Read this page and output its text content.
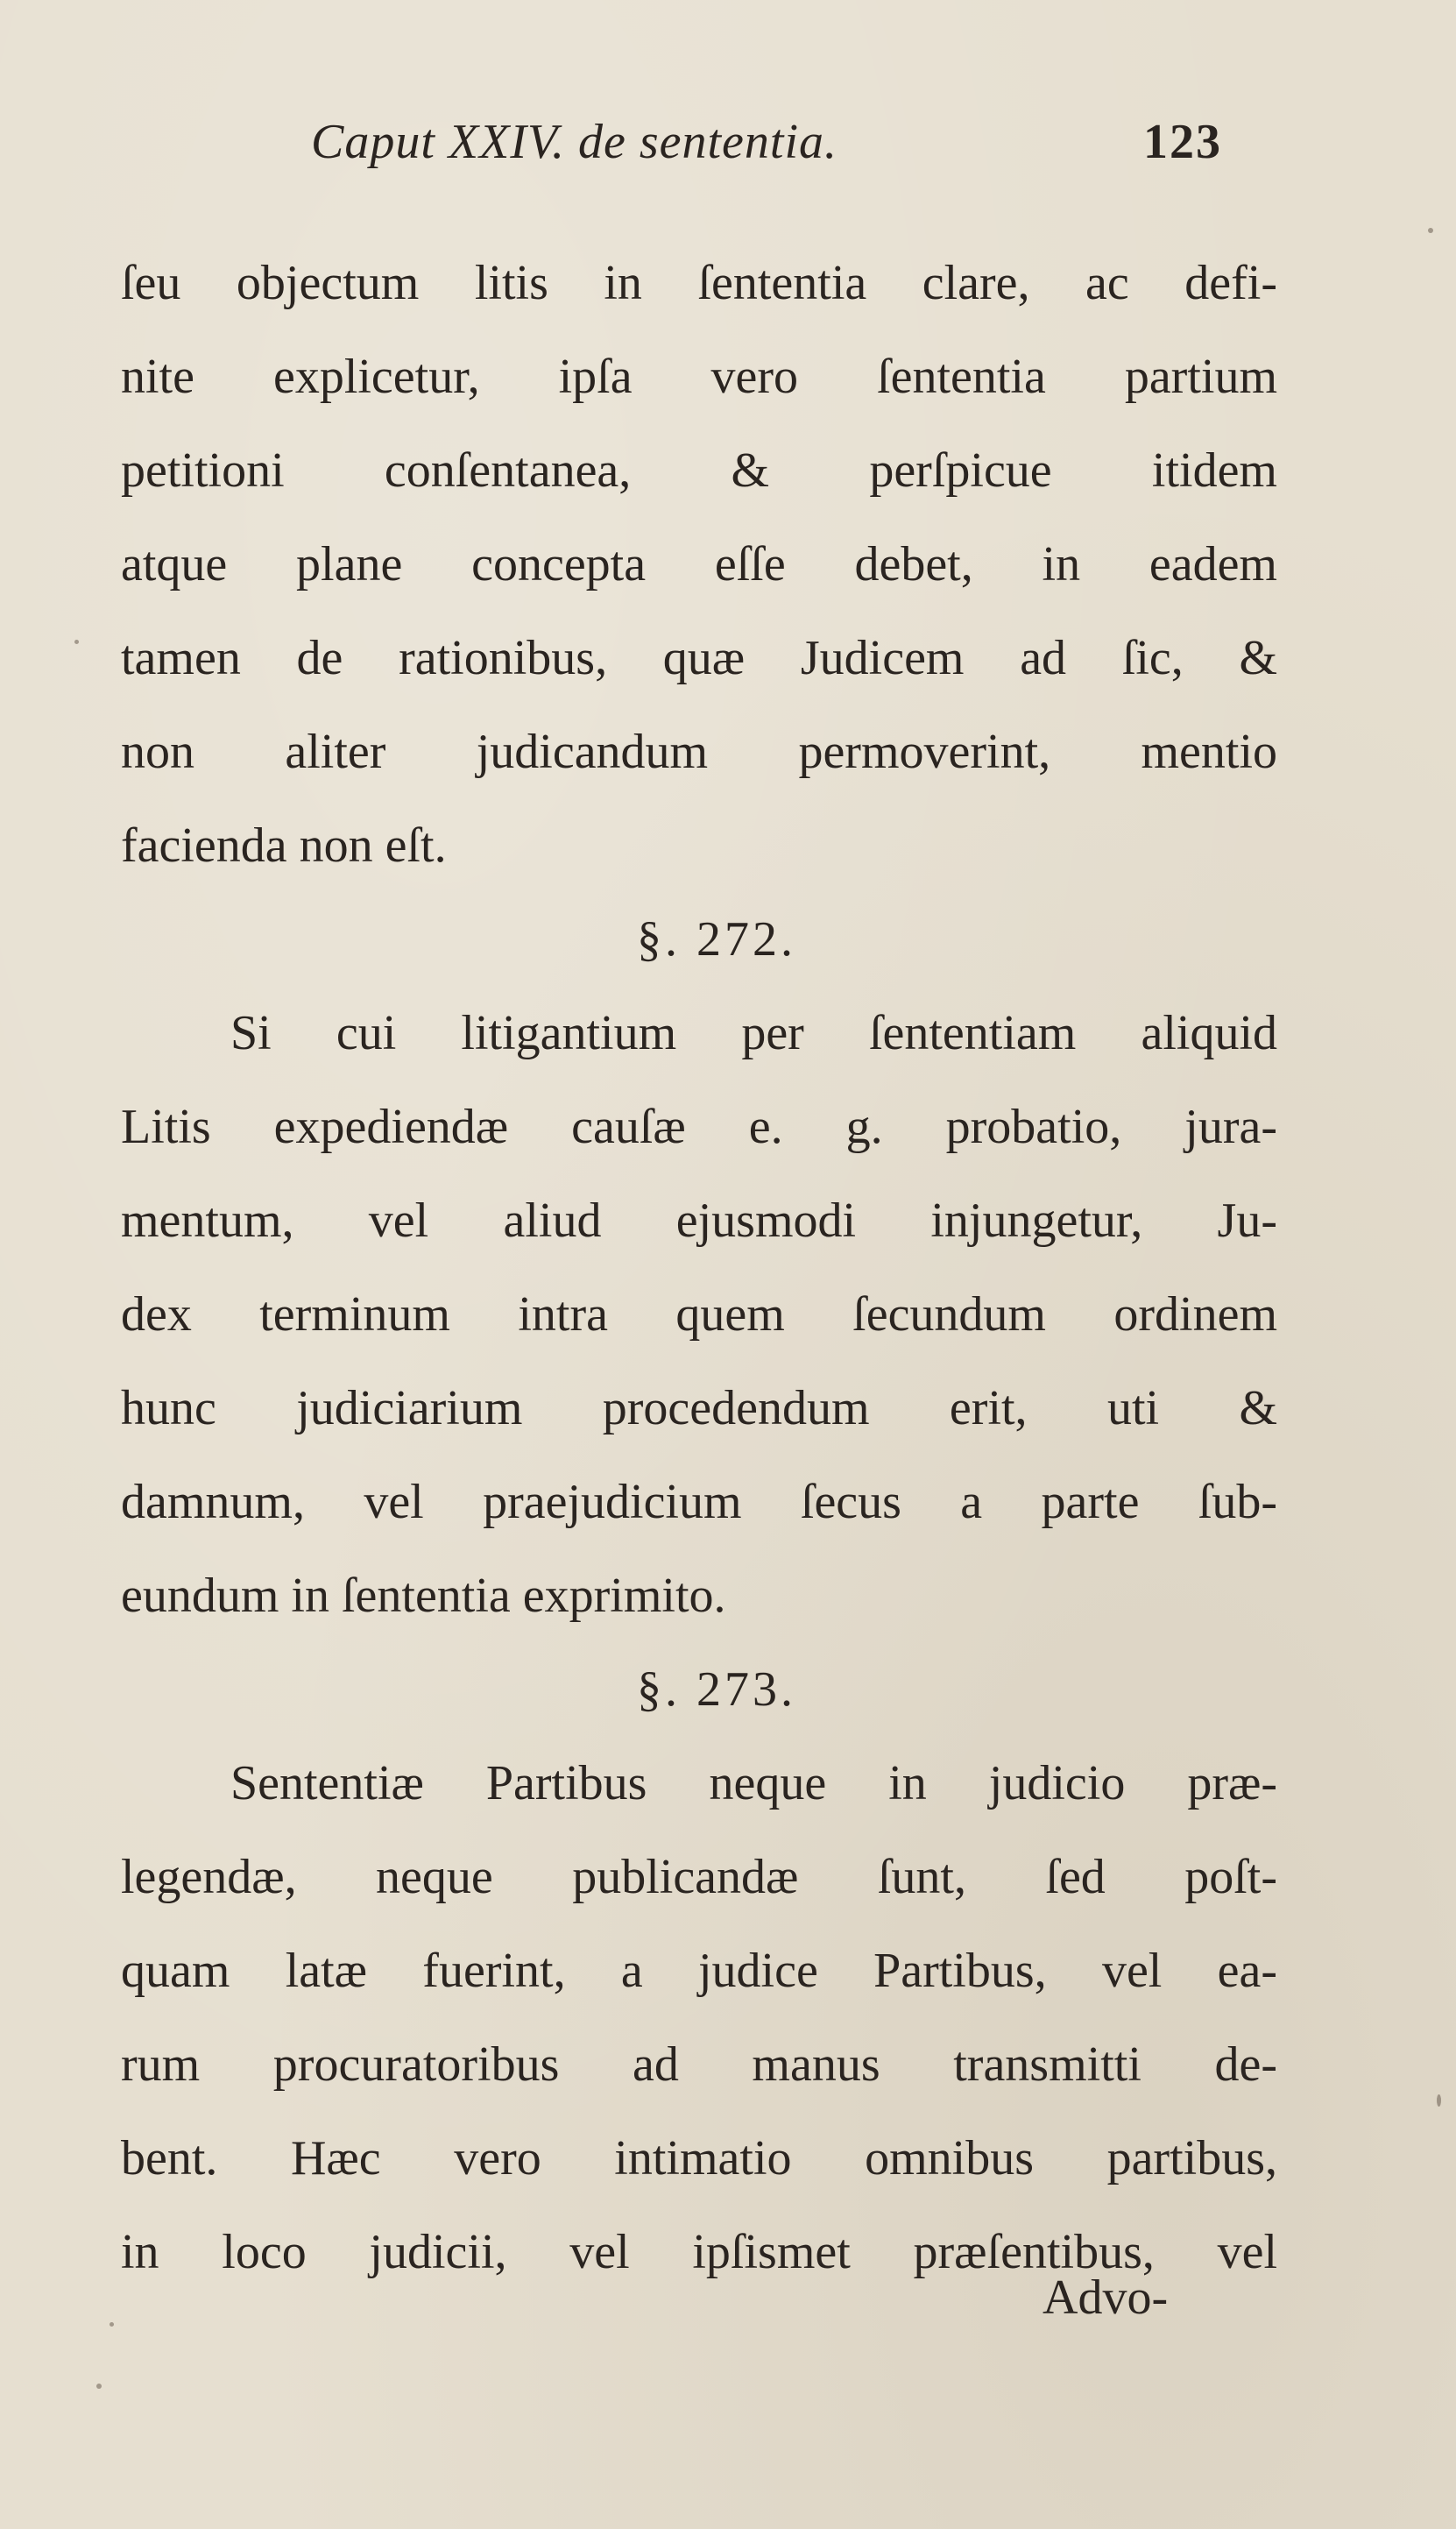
Caput XXIV. de sententia.	123
ſeu objectum litis in ſententia clare, ac defi-
nite explicetur, ipſa vero ſententia partium
petitioni conſentanea, & perſpicue itidem
atque plane concepta eſſe debet, in eadem
tamen de rationibus, quæ Judicem ad ſic, &
non aliter judicandum permoverint, mentio
facienda non eſt.
§. 272.
Si cui litigantium per ſententiam aliquid
Litis expediendæ cauſæ e. g. probatio, jura-
mentum, vel aliud ejusmodi injungetur, Ju-
dex terminum intra quem ſecundum ordinem
hunc judiciarium procedendum erit, uti &
damnum, vel praejudicium ſecus a parte ſub-
eundum in ſententia exprimito.
§. 273.
Sententiæ Partibus neque in judicio præ-
legendæ, neque publicandæ ſunt, ſed poſt-
quam latæ fuerint, a judice Partibus, vel ea-
rum procuratoribus ad manus transmitti de-
bent. Hæc vero intimatio omnibus partibus,
in loco judicii, vel ipſismet præſentibus, vel
Advo-
